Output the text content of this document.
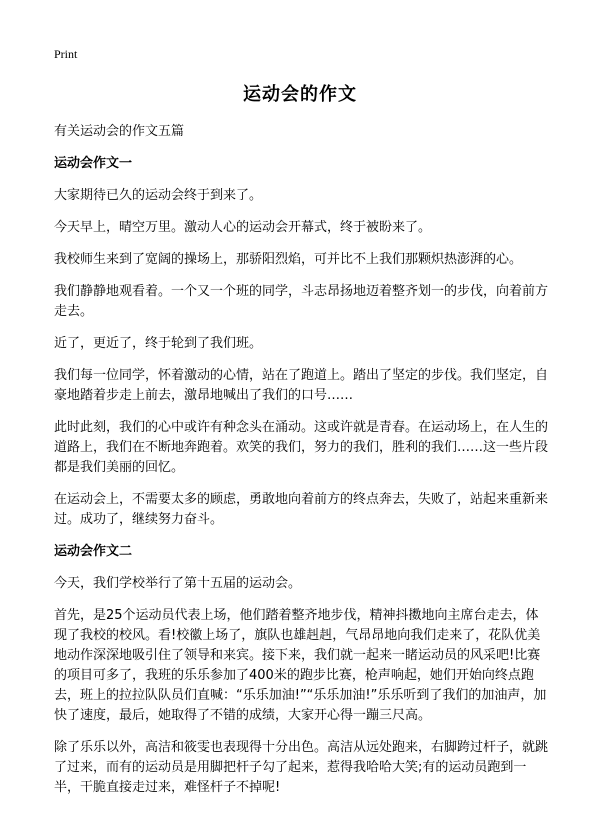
Print
运动会的作文

有关运动会的作文五篇

运动会作文一

大家期待已久的运动会终于到来了。

今天早上，晴空万里。激动人心的运动会开幕式，终于被盼来了。

我校师生来到了宽阔的操场上，那骄阳烈焰，可并比不上我们那颗炽热澎湃的心。

我们静静地观看着。一个又一个班的同学，斗志昂扬地迈着整齐划一的步伐，向着前方走去。

近了，更近了，终于轮到了我们班。

我们每一位同学，怀着激动的心情，站在了跑道上。踏出了坚定的步伐。我们坚定，自豪地踏着步走上前去，激昂地喊出了我们的口号……

此时此刻，我们的心中或许有种念头在涌动。这或许就是青春。在运动场上，在人生的道路上，我们在不断地奔跑着。欢笑的我们，努力的我们，胜利的我们……这一些片段都是我们美丽的回忆。

在运动会上，不需要太多的顾虑，勇敢地向着前方的终点奔去，失败了，站起来重新来过。成功了，继续努力奋斗。

运动会作文二

今天，我们学校举行了第十五届的运动会。

首先，是25个运动员代表上场，他们踏着整齐地步伐，精神抖擞地向主席台走去，体现了我校的校风。看!校徽上场了，旗队也雄赳赳，气昂昂地向我们走来了，花队优美地动作深深地吸引住了领导和来宾。接下来，我们就一起来一睹运动员的风采吧!比赛的项目可多了，我班的乐乐参加了400米的跑步比赛，枪声响起，她们开始向终点跑去，班上的拉拉队队员们直喊：“乐乐加油!”“乐乐加油!”乐乐听到了我们的加油声，加快了速度，最后，她取得了不错的成绩，大家开心得一蹦三尺高。

除了乐乐以外，高洁和筱雯也表现得十分出色。高洁从远处跑来，右脚跨过杆子，就跳了过来，而有的运动员是用脚把杆子勾了起来，惹得我哈哈大笑;有的运动员跑到一半，干脆直接走过来，难怪杆子不掉呢!
